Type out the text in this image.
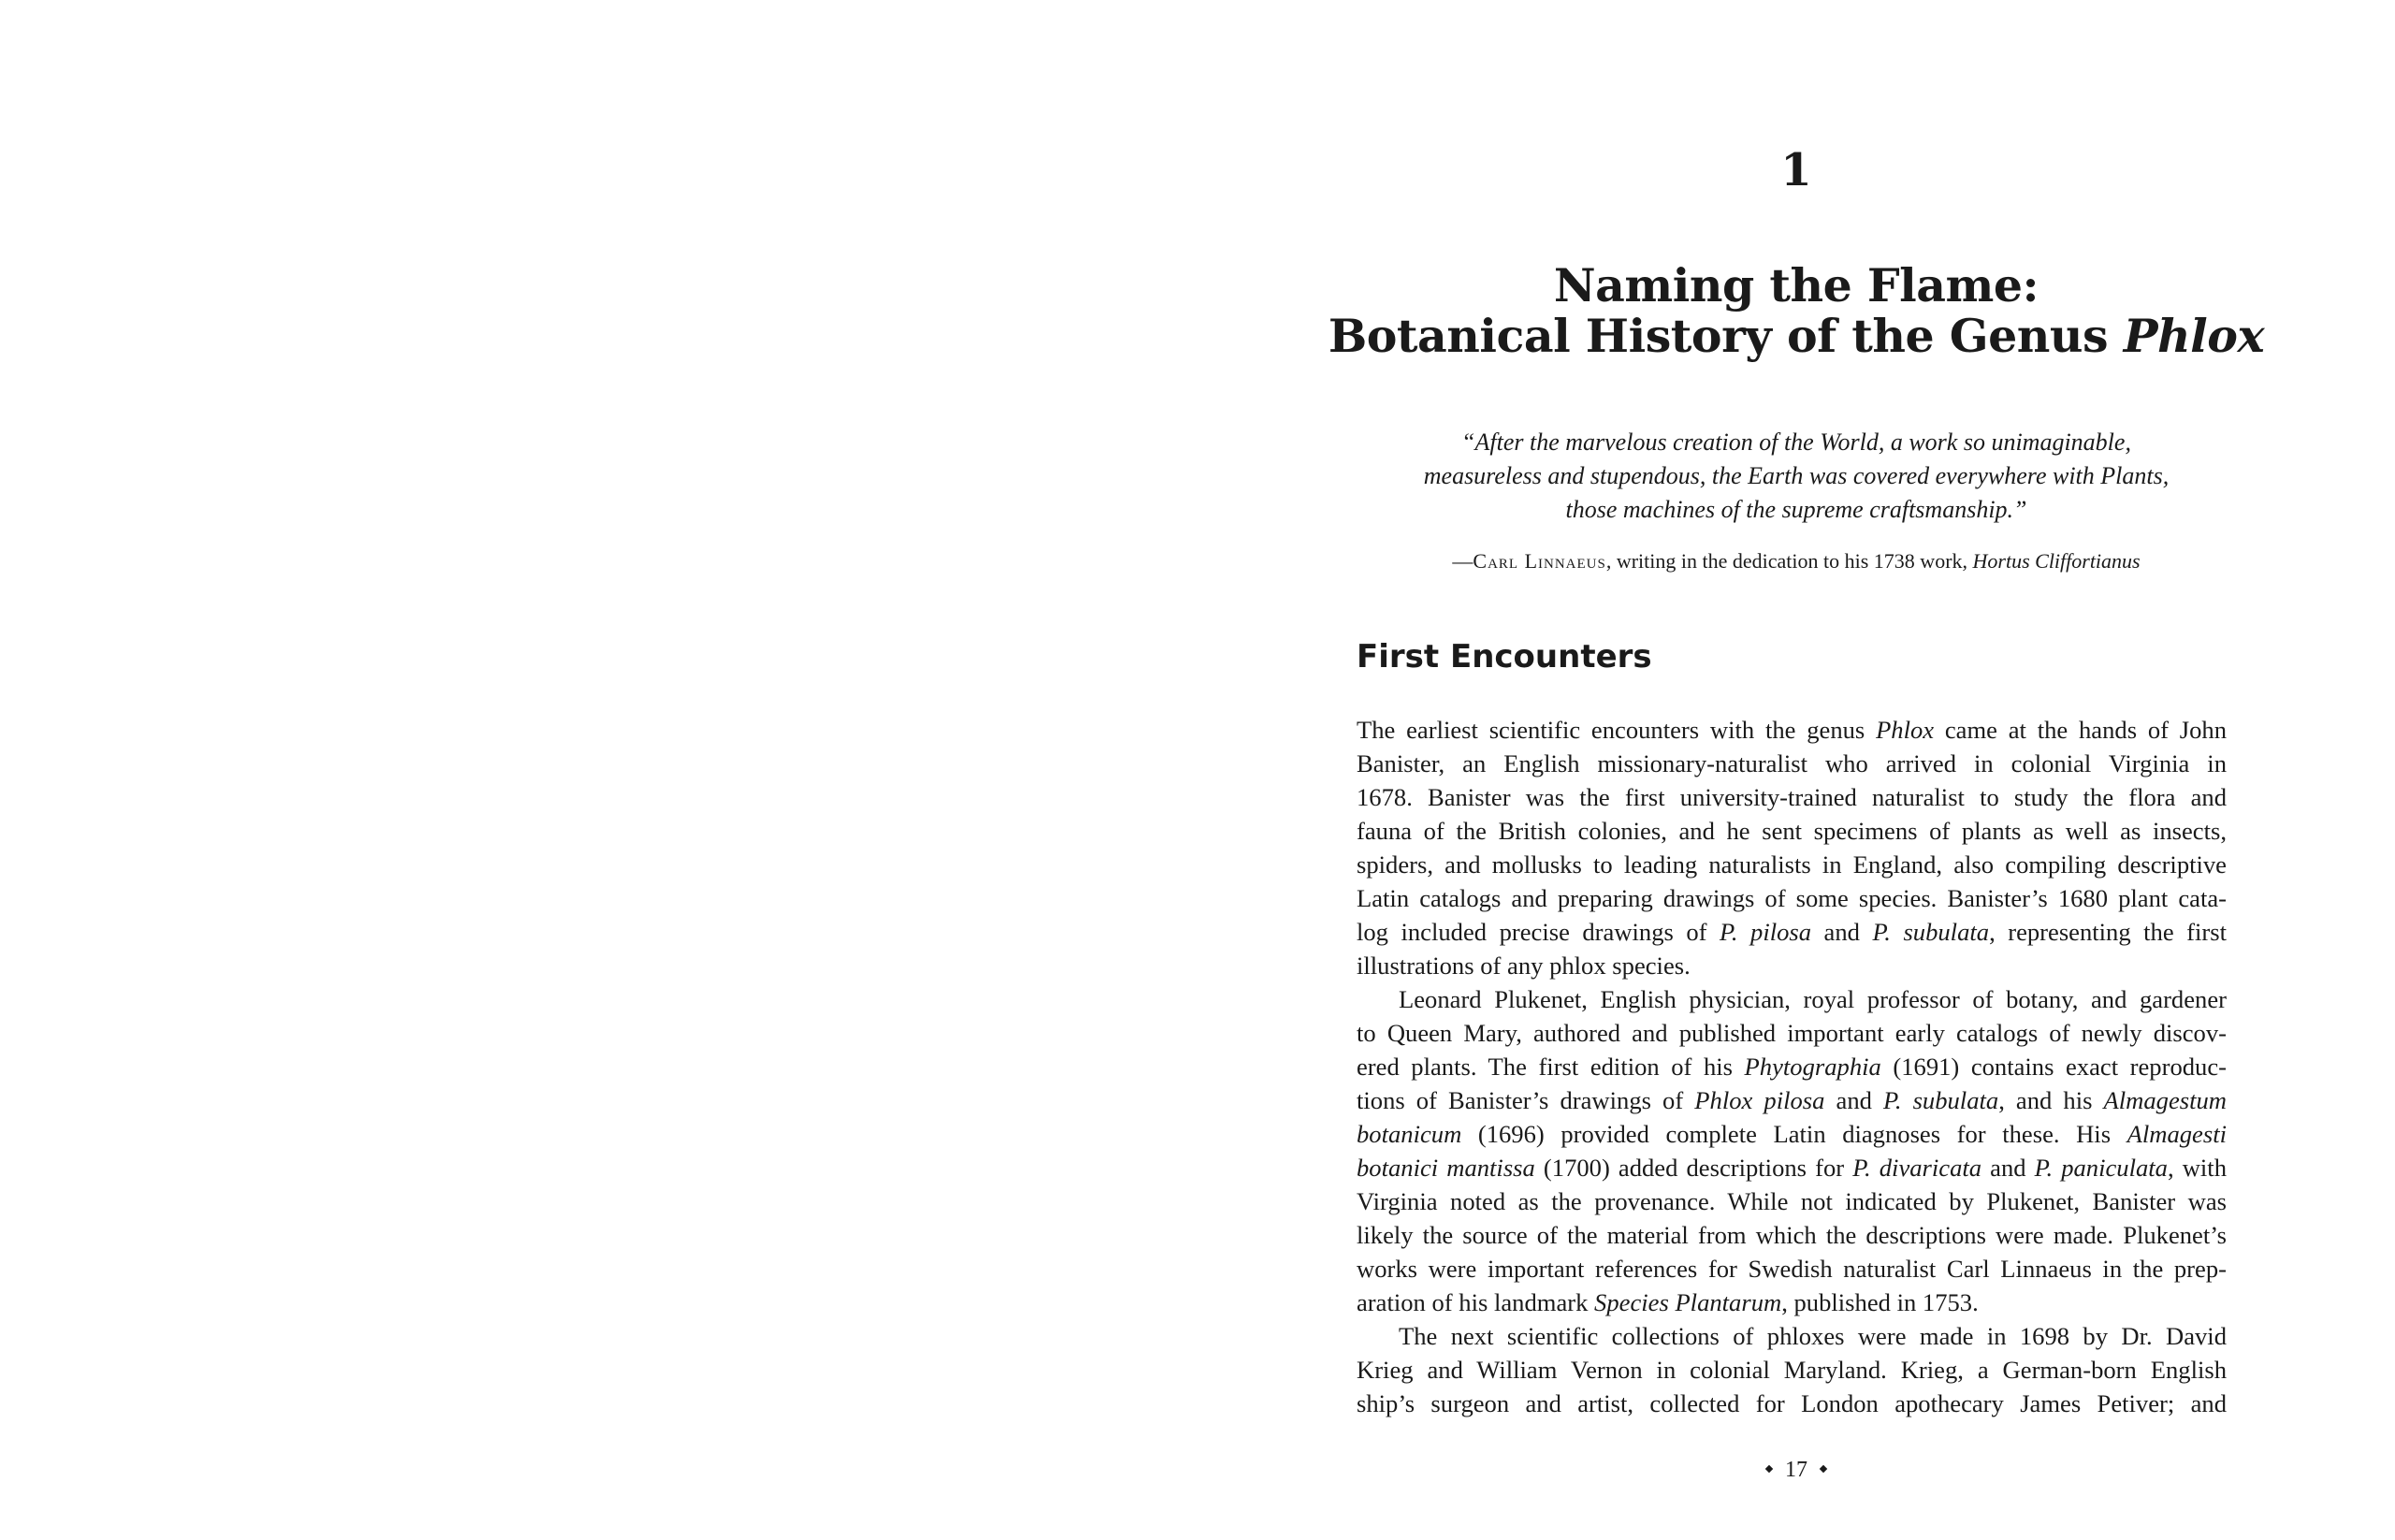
1
Naming the Flame:
Botanical History of the Genus Phlox
“After the marvelous creation of the World, a work so unimaginable,
measureless and stupendous, the Earth was covered everywhere with Plants,
those machines of the supreme craftsmanship.”
—Carl Linnaeus, writing in the dedication to his 1738 work, Hortus Cliffortianus
First Encounters
The earliest scientific encounters with the genus Phlox came at the hands of John
Banister, an English missionary-naturalist who arrived in colonial Virginia in
1678. Banister was the first university-trained naturalist to study the flora and
fauna of the British colonies, and he sent specimens of plants as well as insects,
spiders, and mollusks to leading naturalists in England, also compiling descriptive
Latin catalogs and preparing drawings of some species. Banister’s 1680 plant cata-
log included precise drawings of P. pilosa and P. subulata, representing the first
illustrations of any phlox species.
Leonard Plukenet, English physician, royal professor of botany, and gardener
to Queen Mary, authored and published important early catalogs of newly discov-
ered plants. The first edition of his Phytographia (1691) contains exact reproduc-
tions of Banister’s drawings of Phlox pilosa and P. subulata, and his Almagestum
botanicum (1696) provided complete Latin diagnoses for these. His Almagesti
botanici mantissa (1700) added descriptions for P. divaricata and P. paniculata, with
Virginia noted as the provenance. While not indicated by Plukenet, Banister was
likely the source of the material from which the descriptions were made. Plukenet’s
works were important references for Swedish naturalist Carl Linnaeus in the prep-
aration of his landmark Species Plantarum, published in 1753.
The next scientific collections of phloxes were made in 1698 by Dr. David
Krieg and William Vernon in colonial Maryland. Krieg, a German-born English
ship’s surgeon and artist, collected for London apothecary James Petiver; and
17
